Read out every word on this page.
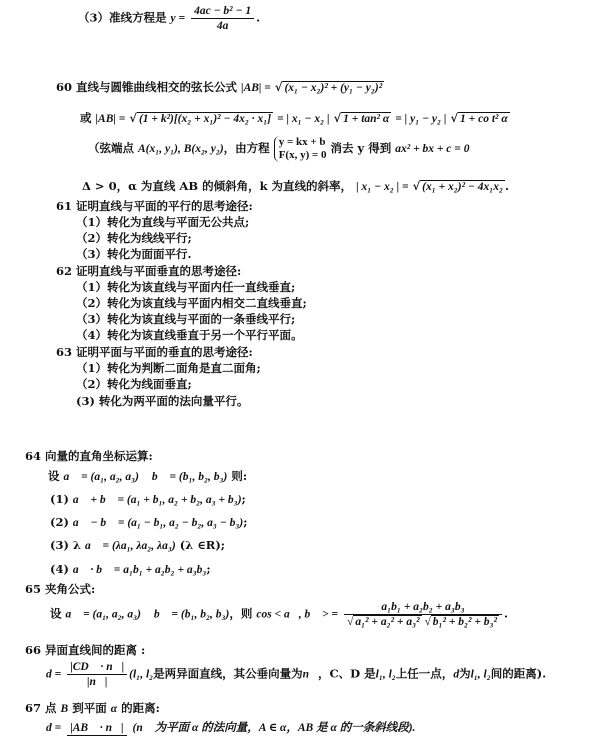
（3）准线方程是 $y = \frac{\text{4ac − b² − 1}}{4a}$ .
60 直线与圆锥曲线相交的弦长公式 |AB| = √ (x₁ − x₂)² + (y₁ − y₂)²
或 |AB| = √ (1 + k²)[(x₂ + x₁)² − 4x₂ · x₁] = | x₁ − x₂ | √ 1 + tan² α = | y₁ − y₂ | √ 1 + co t² α
（弦端点 A(x₁, y₁), B(x₂, y₂)，由方程 y = kx + b
F(x, y) = 0 消去 y 得到 ax² + bx + c = 0
Δ > 0，α 为直线 AB 的倾斜角，k 为直线的斜率， | x₁ − x₂ | = √ (x₁ + x₂)² − 4x₁x₂ .
61 证明直线与平面的平行的思考途径:
（1）转化为直线与平面无公共点;
（2）转化为线线平行;
（3）转化为面面平行.
62 证明直线与平面垂直的思考途径:
（1）转化为该直线与平面内任一直线垂直;
（2）转化为该直线与平面内相交二直线垂直;
（3）转化为该直线与平面的一条垂线平行;
（4）转化为该直线垂直于另一个平行平面。
63 证明平面与平面的垂直的思考途径:
（1）转化为判断二面角是直二面角;
（2）转化为线面垂直;
(3) 转化为两平面的法向量平行。
64 向量的直角坐标运算:
设 a⃗ = (a₁, a₂, a₃)， b⃗ = (b₁, b₂, b₃) 则:
(1) a⃗ + b⃗ = (a₁ + b₁, a₂ + b₂, a₃ + b₃);
(2) a⃗ − b⃗ = (a₁ − b₁, a₂ − b₂, a₃ − b₃);
(3) λ a⃗ = (λa₁, λa₂, λa₃) (λ ∈R);
(4) a⃗ · b⃗ = a₁b₁ + a₂b₂ + a₃b₃;
65 夹角公式:
设 a⃗ = (a₁, a₂, a₃)， b⃗ = (b₁, b₂, b₃)，则 cos < a⃗, b⃗ > = $\frac{\text{a₁b₁ + a₂b₂ + a₃b₃}}{\text{√ a₁² + a₂² + a₃² √ b₁² + b₂² + b₃²}}$ .
66 异面直线间的距离 :
$d = \frac{|CD⃗ \cdot n⃗|}{|n⃗|} (l_1$, l₂是两异面直线，其公垂向量为n⃗，C、D 是l₁, l₂上任一点，d为l₁, l₂间的距离).
67 点 B 到平面 α 的距离:
d = |AB⃗ · n⃗| (n⃗ 为平面 α 的法向量，A ∈ α，AB 是 α 的一条斜线段).
